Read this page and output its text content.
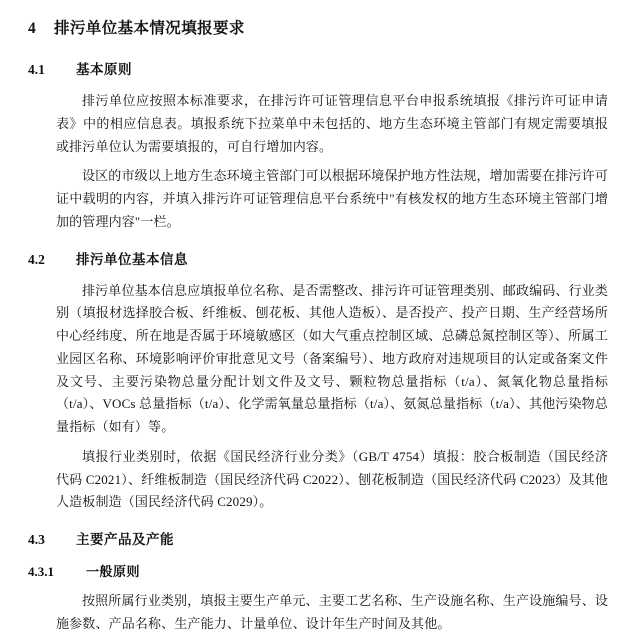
4	排污单位基本情况填报要求
4.1	基本原则

排污单位应按照本标准要求，在排污许可证管理信息平台申报系统填报《排污许可证申请表》中的相应信息表。填报系统下拉菜单中未包括的、地方生态环境主管部门有规定需要填报或排污单位认为需要填报的，可自行增加内容。

设区的市级以上地方生态环境主管部门可以根据环境保护地方性法规，增加需要在排污许可证中载明的内容，并填入排污许可证管理信息平台系统中"有核发权的地方生态环境主管部门增加的管理内容"一栏。

4.2	排污单位基本信息

排污单位基本信息应填报单位名称、是否需整改、排污许可证管理类别、邮政编码、行业类别（填报材选择胶合板、纤维板、刨花板、其他人造板）、是否投产、投产日期、生产经营场所中心经纬度、所在地是否属于环境敏感区（如大气重点控制区域、总磷总氮控制区等）、所属工业园区名称、环境影响评价审批意见文号（备案编号）、地方政府对违规项目的认定或备案文件及文号、主要污染物总量分配计划文件及文号、颗粒物总量指标（t/a）、氮氧化物总量指标（t/a）、VOCs 总量指标（t/a）、化学需氧量总量指标（t/a）、氨氮总量指标（t/a）、其他污染物总量指标（如有）等。

填报行业类别时，依据《国民经济行业分类》（GB/T 4754）填报：胶合板制造（国民经济代码 C2021）、纤维板制造（国民经济代码 C2022）、刨花板制造（国民经济代码 C2023）及其他人造板制造（国民经济代码 C2029）。

4.3	主要产品及产能
4.3.1	一般原则

按照所属行业类别，填报主要生产单元、主要工艺名称、生产设施名称、生产设施编号、设施参数、产品名称、生产能力、计量单位、设计年生产时间及其他。
